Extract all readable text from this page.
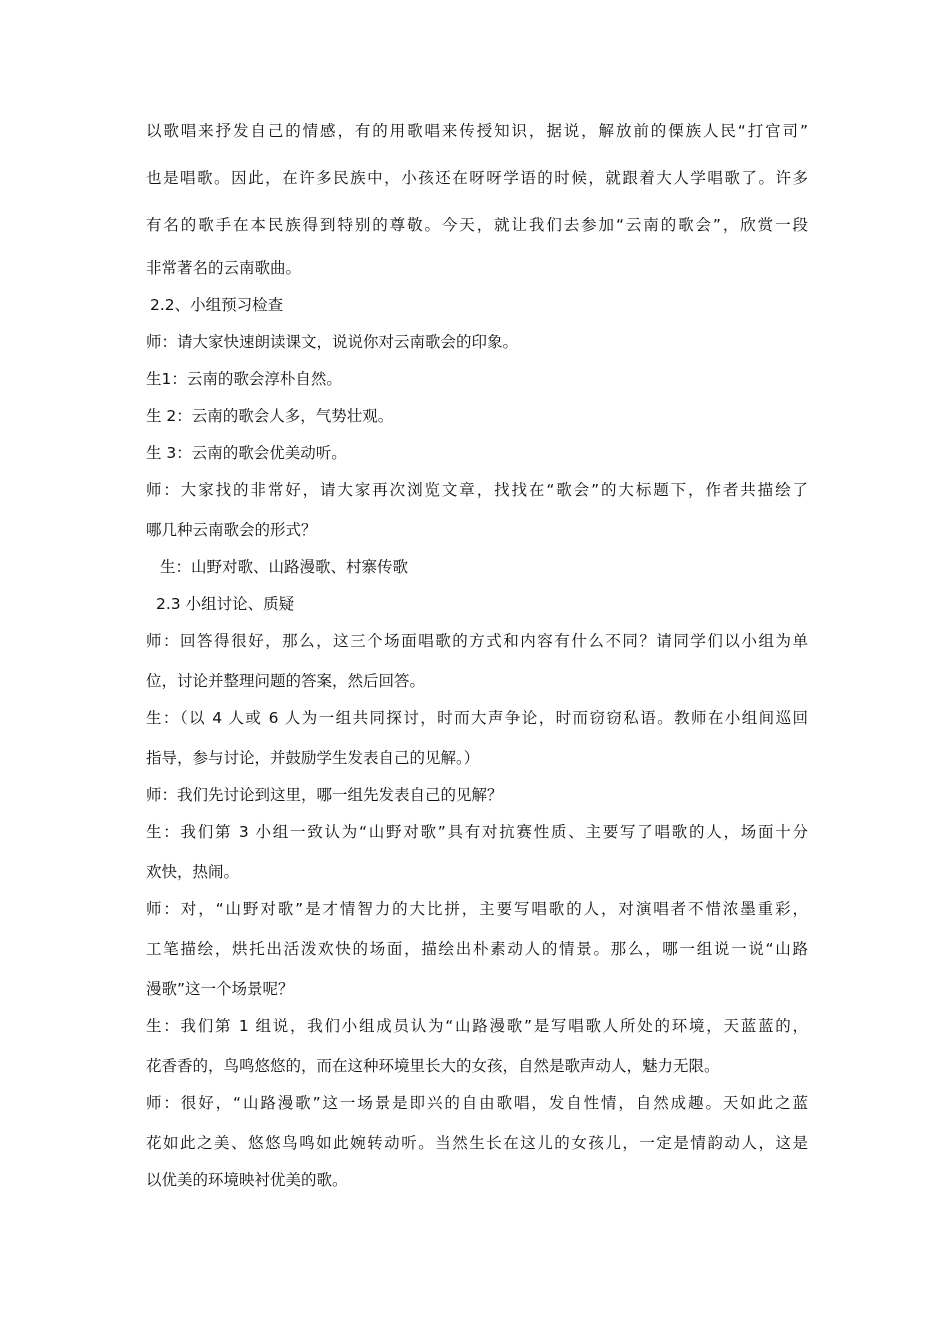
以歌唱来抒发自己的情感，有的用歌唱来传授知识，据说，解放前的傈族人民“打官司”
也是唱歌。因此，在许多民族中，小孩还在呀呀学语的时候，就跟着大人学唱歌了。许多
有名的歌手在本民族得到特别的尊敬。今天，就让我们去参加“云南的歌会”，欣赏一段
非常著名的云南歌曲。
2.2、小组预习检查
师：请大家快速朗读课文，说说你对云南歌会的印象。
生1：云南的歌会淳朴自然。
生 2：云南的歌会人多，气势壮观。
生 3：云南的歌会优美动听。
师：大家找的非常好，请大家再次浏览文章，找找在“歌会”的大标题下，作者共描绘了
哪几种云南歌会的形式？
生：山野对歌、山路漫歌、村寨传歌
2.3 小组讨论、质疑
师：回答得很好，那么，这三个场面唱歌的方式和内容有什么不同？请同学们以小组为单
位，讨论并整理问题的答案，然后回答。
生：（以 4 人或 6 人为一组共同探讨，时而大声争论，时而窃窃私语。教师在小组间巡回
指导，参与讨论，并鼓励学生发表自己的见解。）
师：我们先讨论到这里，哪一组先发表自己的见解？
生：我们第 3 小组一致认为“山野对歌”具有对抗赛性质、主要写了唱歌的人，场面十分
欢快，热闹。
师：对，“山野对歌”是才情智力的大比拼，主要写唱歌的人，对演唱者不惜浓墨重彩，
工笔描绘，烘托出活泼欢快的场面，描绘出朴素动人的情景。那么，哪一组说一说“山路
漫歌”这一个场景呢？
生：我们第 1 组说，我们小组成员认为“山路漫歌”是写唱歌人所处的环境，天蓝蓝的，
花香香的，鸟鸣悠悠的，而在这种环境里长大的女孩，自然是歌声动人，魅力无限。
师：很好，“山路漫歌”这一场景是即兴的自由歌唱，发自性情，自然成趣。天如此之蓝
花如此之美、悠悠鸟鸣如此婉转动听。当然生长在这儿的女孩儿，一定是情韵动人，这是
以优美的环境映衬优美的歌。
